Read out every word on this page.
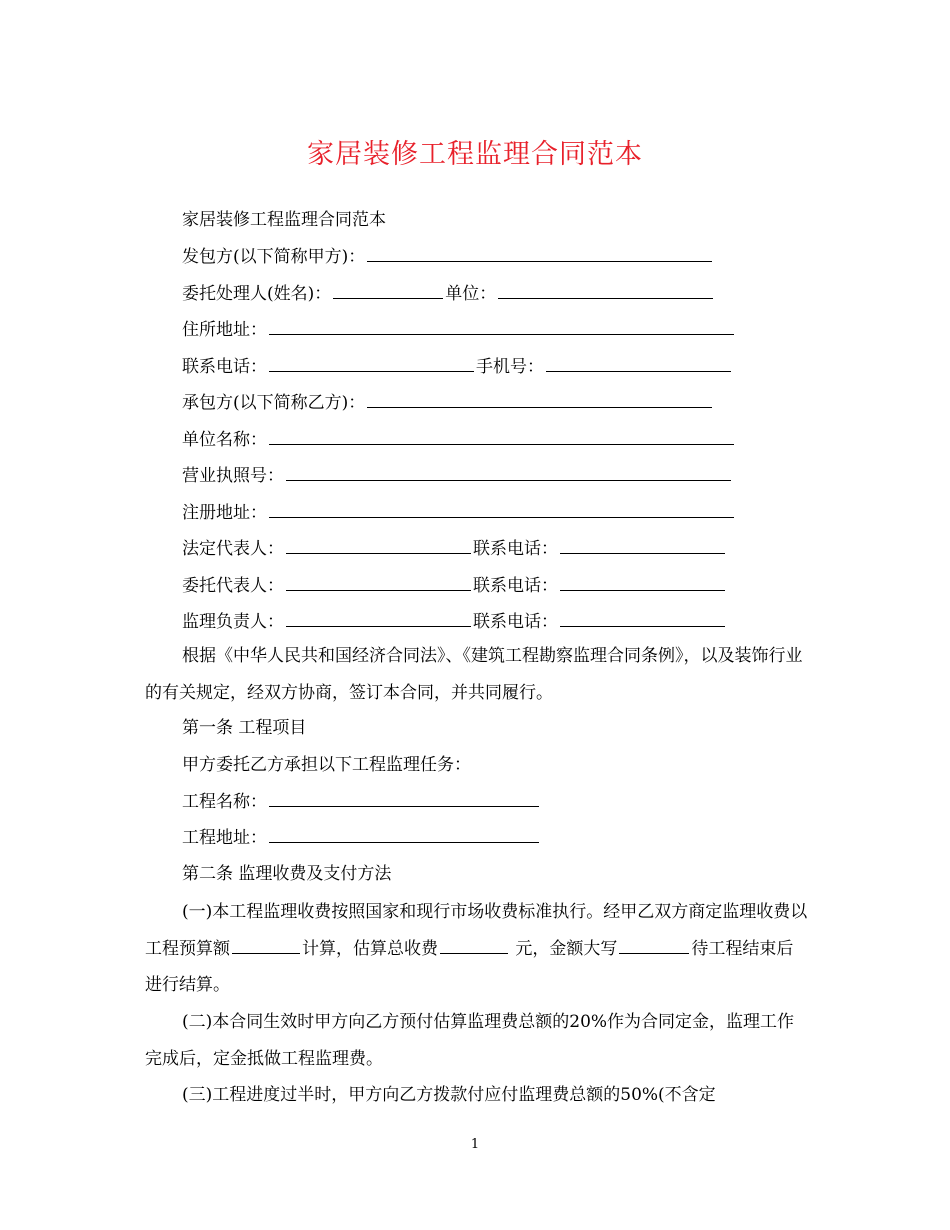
家居装修工程监理合同范本
家居装修工程监理合同范本
发包方(以下简称甲方)：
委托处理人(姓名)：	单位：
住所地址：
联系电话：	手机号：
承包方(以下简称乙方)：
单位名称：
营业执照号：
注册地址：
法定代表人：	联系电话：
委托代表人：	联系电话：
监理负责人：	联系电话：
根据《中华人民共和国经济合同法》、《建筑工程勘察监理合同条例》，以及装饰行业的有关规定，经双方协商，签订本合同，并共同履行。
第一条 工程项目
甲方委托乙方承担以下工程监理任务：
工程名称：
工程地址：
第二条 监理收费及支付方法
(一)本工程监理收费按照国家和现行市场收费标准执行。经甲乙双方商定监理收费以工程预算额	计算，估算总收费	元，金额大写	待工程结束后进行结算。
(二)本合同生效时甲方向乙方预付估算监理费总额的20%作为合同定金，监理工作完成后，定金抵做工程监理费。
(三)工程进度过半时，甲方向乙方拨款付应付监理费总额的50%(不含定
1
